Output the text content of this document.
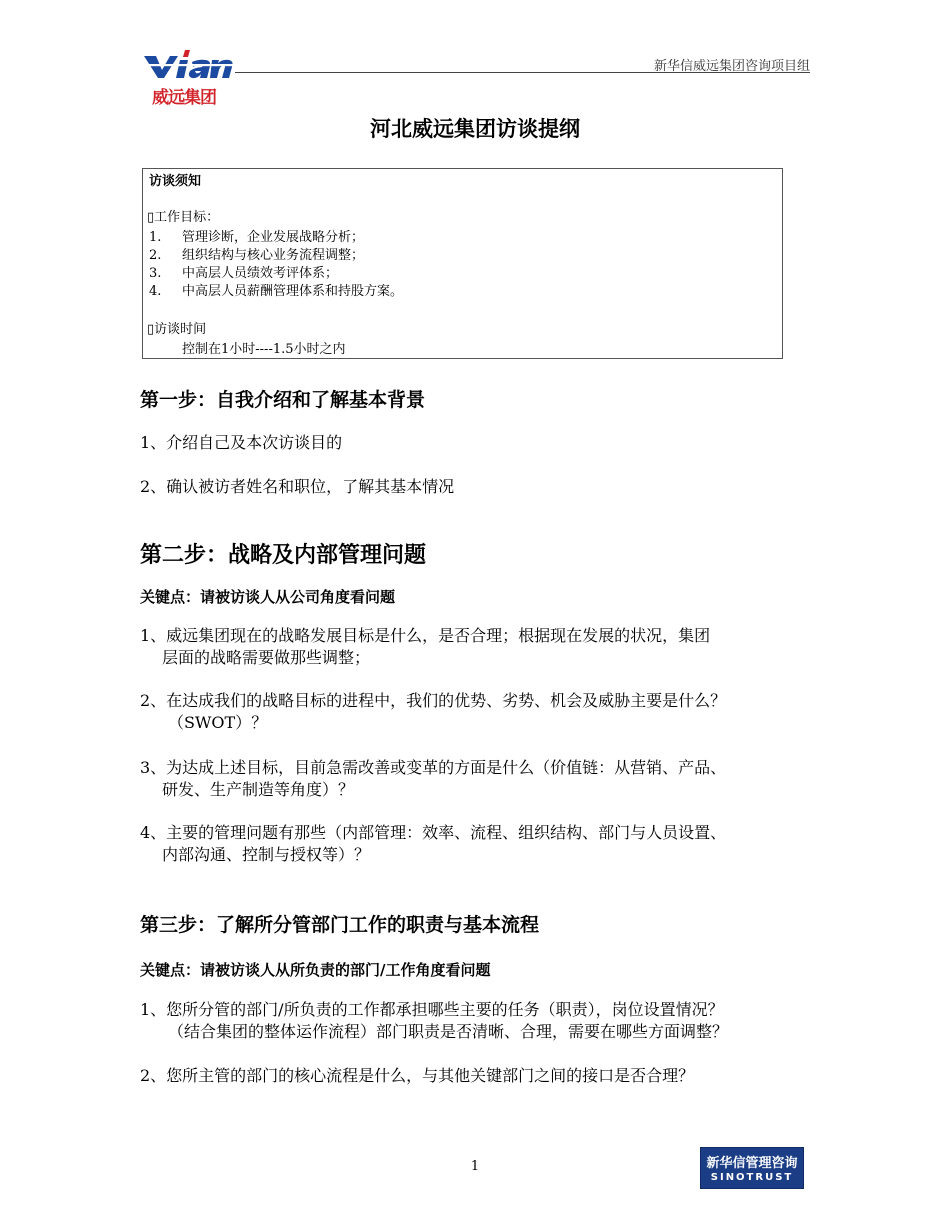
威远集团
新华信威远集团咨询项目组
河北威远集团访谈提纲
访谈须知
▯工作目标：
1. 管理诊断，企业发展战略分析；
2. 组织结构与核心业务流程调整；
3. 中高层人员绩效考评体系；
4. 中高层人员薪酬管理体系和持股方案。
▯访谈时间
控制在1小时----1.5小时之内
第一步：自我介绍和了解基本背景
1、介绍自己及本次访谈目的
2、确认被访者姓名和职位，了解其基本情况
第二步：战略及内部管理问题
关键点：请被访谈人从公司角度看问题
1、威远集团现在的战略发展目标是什么，是否合理；根据现在发展的状况，集团
层面的战略需要做那些调整；
2、在达成我们的战略目标的进程中，我们的优势、劣势、机会及威胁主要是什么？
（SWOT）？
3、为达成上述目标，目前急需改善或变革的方面是什么（价值链：从营销、产品、
研发、生产制造等角度）？
4、主要的管理问题有那些（内部管理：效率、流程、组织结构、部门与人员设置、
内部沟通、控制与授权等）？
第三步：了解所分管部门工作的职责与基本流程
关键点：请被访谈人从所负责的部门/工作角度看问题
1、您所分管的部门/所负责的工作都承担哪些主要的任务（职责），岗位设置情况？
（结合集团的整体运作流程）部门职责是否清晰、合理，需要在哪些方面调整？
2、您所主管的部门的核心流程是什么，与其他关键部门之间的接口是否合理？
1	新华信管理咨询
SINOTRUST
